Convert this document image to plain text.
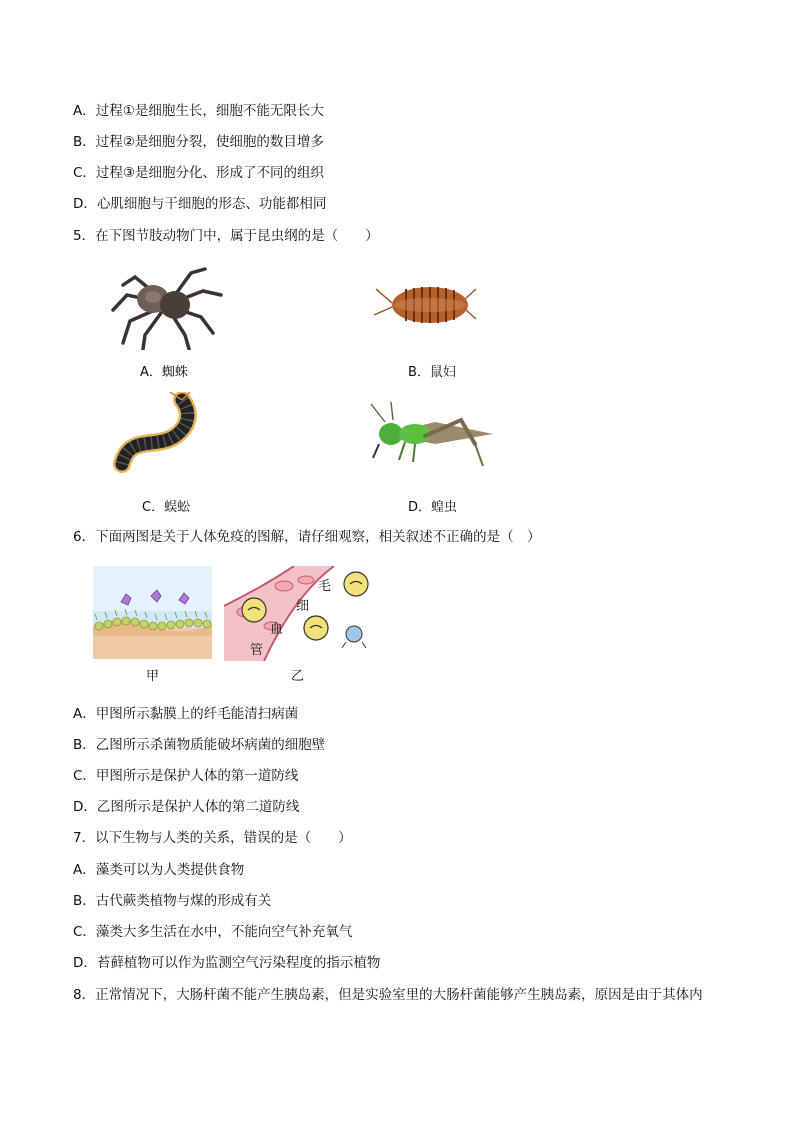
A．过程①是细胞生长，细胞不能无限长大
B．过程②是细胞分裂，使细胞的数目增多
C．过程③是细胞分化、形成了不同的组织
D．心肌细胞与干细胞的形态、功能都相同
5．在下图节肢动物门中，属于昆虫纲的是（　　）
A．蜘蛛	B．鼠妇
C．蜈蚣	D．蝗虫
6．下面两图是关于人体免疫的图解，请仔细观察，相关叙述不正确的是（　）
甲
毛
细
血
管
乙
A．甲图所示黏膜上的纤毛能清扫病菌
B．乙图所示杀菌物质能破坏病菌的细胞壁
C．甲图所示是保护人体的第一道防线
D．乙图所示是保护人体的第二道防线
7．以下生物与人类的关系，错误的是（　　）
A．藻类可以为人类提供食物
B．古代蕨类植物与煤的形成有关
C．藻类大多生活在水中，不能向空气补充氧气
D．苔藓植物可以作为监测空气污染程度的指示植物
8．正常情况下，大肠杆菌不能产生胰岛素，但是实验室里的大肠杆菌能够产生胰岛素，原因是由于其体内
